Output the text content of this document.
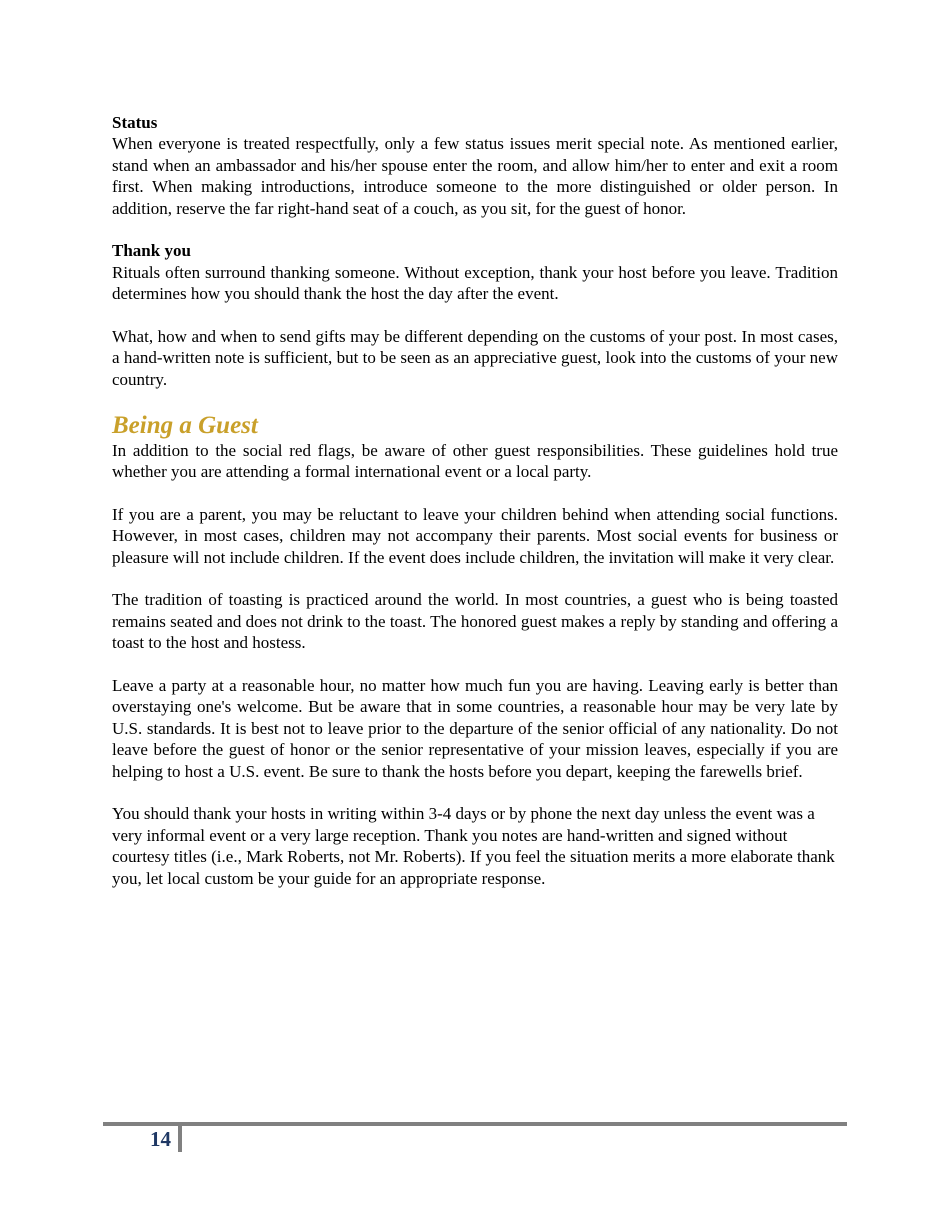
Status

When everyone is treated respectfully, only a few status issues merit special note. As mentioned earlier, stand when an ambassador and his/her spouse enter the room, and allow him/her to enter and exit a room first. When making introductions, introduce someone to the more distinguished or older person. In addition, reserve the far right-hand seat of a couch, as you sit, for the guest of honor.

Thank you

Rituals often surround thanking someone. Without exception, thank your host before you leave. Tradition determines how you should thank the host the day after the event.

What, how and when to send gifts may be different depending on the customs of your post. In most cases, a hand-written note is sufficient, but to be seen as an appreciative guest, look into the customs of your new country.

Being a Guest

In addition to the social red flags, be aware of other guest responsibilities. These guidelines hold true whether you are attending a formal international event or a local party.

If you are a parent, you may be reluctant to leave your children behind when attending social functions. However, in most cases, children may not accompany their parents. Most social events for business or pleasure will not include children. If the event does include children, the invitation will make it very clear.

The tradition of toasting is practiced around the world. In most countries, a guest who is being toasted remains seated and does not drink to the toast. The honored guest makes a reply by standing and offering a toast to the host and hostess.

Leave a party at a reasonable hour, no matter how much fun you are having. Leaving early is better than overstaying one's welcome. But be aware that in some countries, a reasonable hour may be very late by U.S. standards. It is best not to leave prior to the departure of the senior official of any nationality. Do not leave before the guest of honor or the senior representative of your mission leaves, especially if you are helping to host a U.S. event. Be sure to thank the hosts before you depart, keeping the farewells brief.

You should thank your hosts in writing within 3-4 days or by phone the next day unless the event was a very informal event or a very large reception. Thank you notes are hand-written and signed without courtesy titles (i.e., Mark Roberts, not Mr. Roberts). If you feel the situation merits a more elaborate thank you, let local custom be your guide for an appropriate response.

14
